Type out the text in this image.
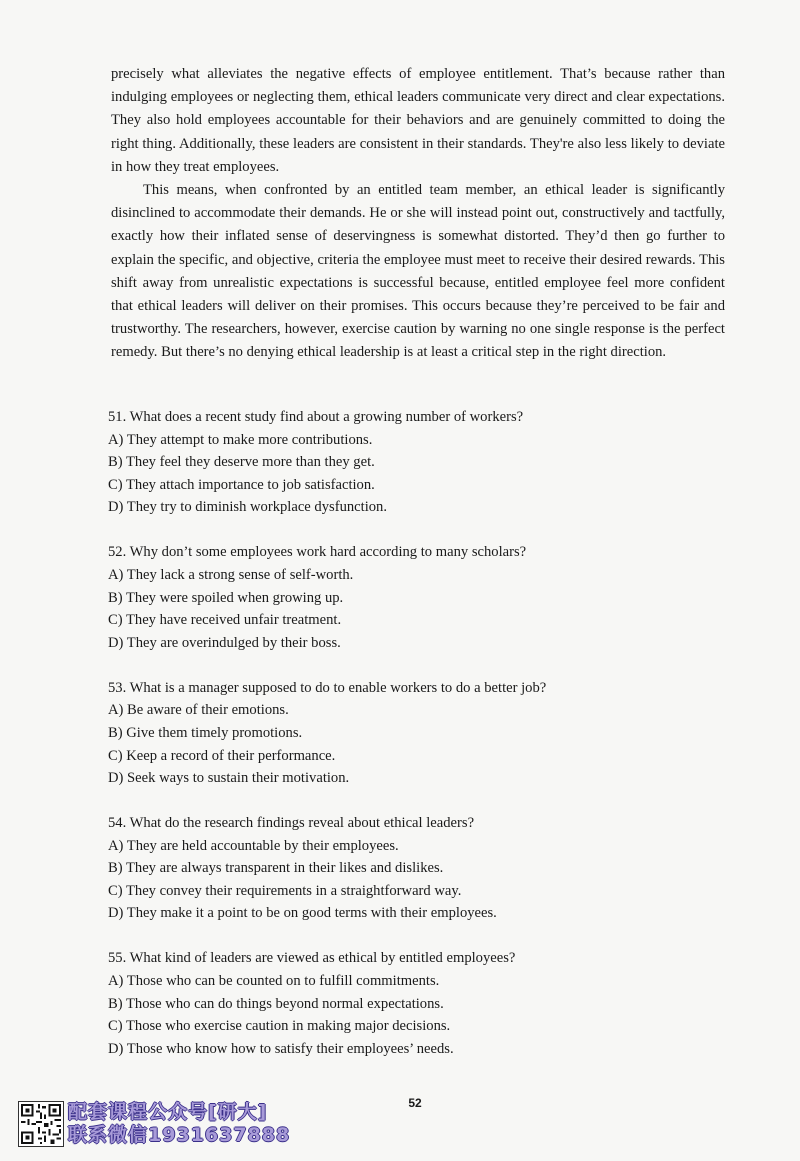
precisely what alleviates the negative effects of employee entitlement. That’s because rather than indulging employees or neglecting them, ethical leaders communicate very direct and clear expectations. They also hold employees accountable for their behaviors and are genuinely committed to doing the right thing. Additionally, these leaders are consistent in their standards. They're also less likely to deviate in how they treat employees.

This means, when confronted by an entitled team member, an ethical leader is significantly disinclined to accommodate their demands. He or she will instead point out, constructively and tactfully, exactly how their inflated sense of deservingness is somewhat distorted. They’d then go further to explain the specific, and objective, criteria the employee must meet to receive their desired rewards. This shift away from unrealistic expectations is successful because, entitled employee feel more confident that ethical leaders will deliver on their promises. This occurs because they’re perceived to be fair and trustworthy. The researchers, however, exercise caution by warning no one single response is the perfect remedy. But there’s no denying ethical leadership is at least a critical step in the right direction.

51. What does a recent study find about a growing number of workers?
A) They attempt to make more contributions.
B) They feel they deserve more than they get.
C) They attach importance to job satisfaction.
D) They try to diminish workplace dysfunction.
52. Why don’t some employees work hard according to many scholars?
A) They lack a strong sense of self-worth.
B) They were spoiled when growing up.
C) They have received unfair treatment.
D) They are overindulged by their boss.
53. What is a manager supposed to do to enable workers to do a better job?
A) Be aware of their emotions.
B) Give them timely promotions.
C) Keep a record of their performance.
D) Seek ways to sustain their motivation.
54. What do the research findings reveal about ethical leaders?
A) They are held accountable by their employees.
B) They are always transparent in their likes and dislikes.
C) They convey their requirements in a straightforward way.
D) They make it a point to be on good terms with their employees.
55. What kind of leaders are viewed as ethical by entitled employees?
A) Those who can be counted on to fulfill commitments.
B) Those who can do things beyond normal expectations.
C) Those who exercise caution in making major decisions.
D) Those who know how to satisfy their employees’ needs.
52
配套课程公众号[研大]
联系微信1931637888
